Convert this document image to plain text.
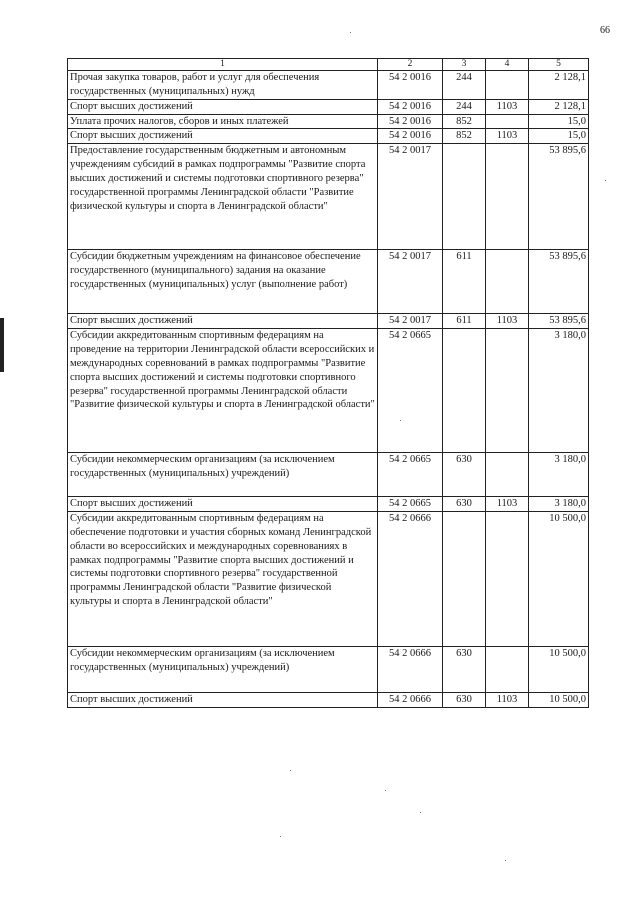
66
1	2	3	4	5
Прочая закупка товаров, работ и услуг для обеспечения государственных (муниципальных) нужд	54 2 0016	244		2 128,1
Спорт высших достижений	54 2 0016	244	1103	2 128,1
Уплата прочих налогов, сборов и иных платежей	54 2 0016	852		15,0
Спорт высших достижений	54 2 0016	852	1103	15,0
Предоставление государственным бюджетным и автономным учреждениям субсидий в рамках подпрограммы "Развитие спорта высших достижений и системы подготовки спортивного резерва" государственной программы Ленинградской области "Развитие физической культуры и спорта в Ленинградской области"	54 2 0017			53 895,6
Субсидии бюджетным учреждениям на финансовое обеспечение государственного (муниципального) задания на оказание государственных (муниципальных) услуг (выполнение работ)	54 2 0017	611		53 895,6
Спорт высших достижений	54 2 0017	611	1103	53 895,6
Субсидии аккредитованным спортивным федерациям на проведение на территории Ленинградской области всероссийских и международных соревнований в рамках подпрограммы "Развитие спорта высших достижений и системы подготовки спортивного резерва" государственной программы Ленинградской области "Развитие физической культуры и спорта в Ленинградской области"	54 2 0665			3 180,0
Субсидии некоммерческим организациям (за исключением государственных (муниципальных) учреждений)	54 2 0665	630		3 180,0
Спорт высших достижений	54 2 0665	630	1103	3 180,0
Субсидии аккредитованным спортивным федерациям на обеспечение подготовки и участия сборных команд Ленинградской области во всероссийских и международных соревнованиях в рамках подпрограммы "Развитие спорта высших достижений и системы подготовки спортивного резерва" государственной программы Ленинградской области "Развитие физической культуры и спорта в Ленинградской области"	54 2 0666			10 500,0
Субсидии некоммерческим организациям (за исключением государственных (муниципальных) учреждений)	54 2 0666	630		10 500,0
Спорт высших достижений	54 2 0666	630	1103	10 500,0
